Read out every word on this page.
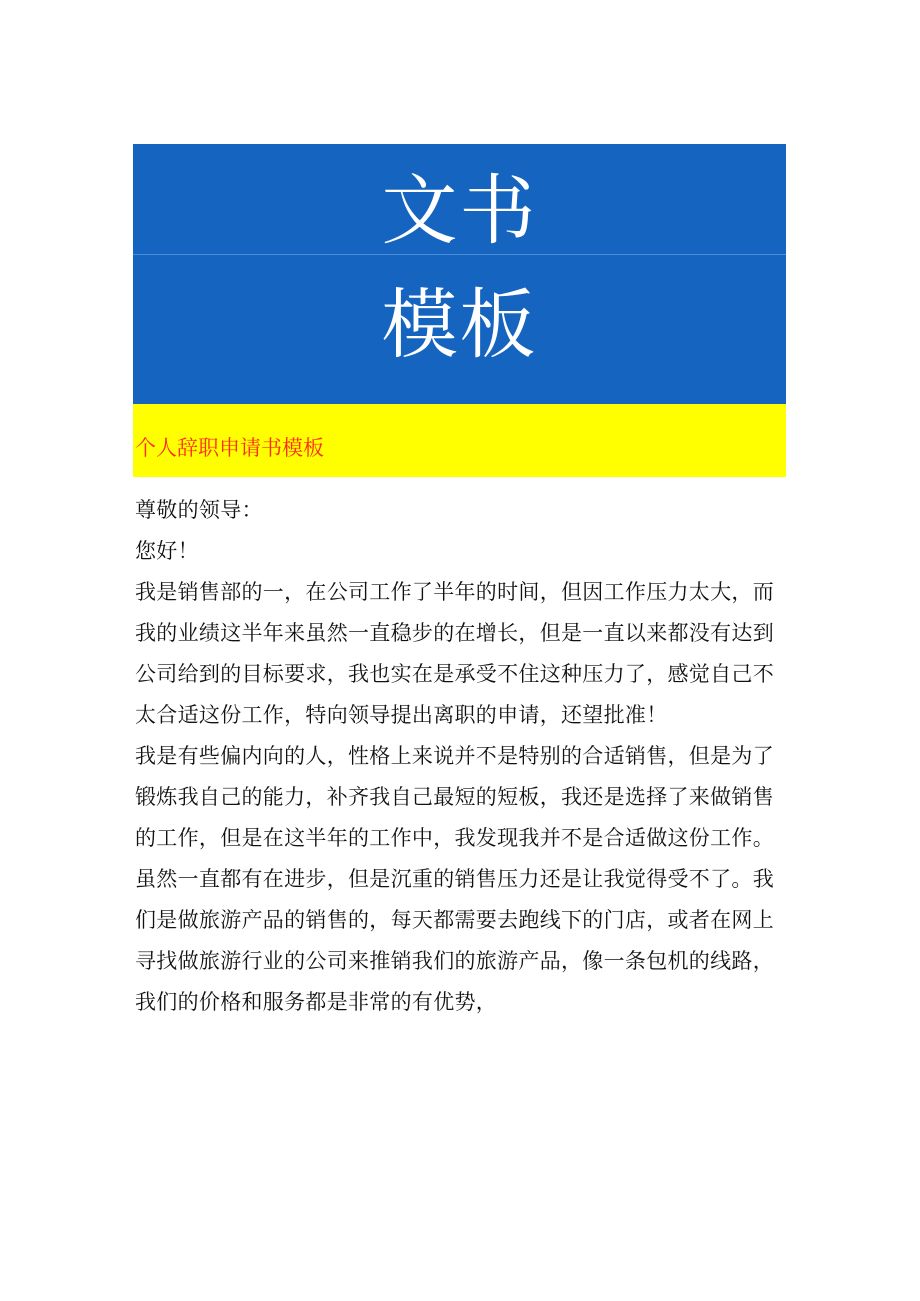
文书
模板
个人辞职申请书模板

尊敬的领导：

您好！

我是销售部的一，在公司工作了半年的时间，但因工作压力太大，而我的业绩这半年来虽然一直稳步的在增长，但是一直以来都没有达到公司给到的目标要求，我也实在是承受不住这种压力了，感觉自己不太合适这份工作，特向领导提出离职的申请，还望批准！

我是有些偏内向的人，性格上来说并不是特别的合适销售，但是为了锻炼我自己的能力，补齐我自己最短的短板，我还是选择了来做销售的工作，但是在这半年的工作中，我发现我并不是合适做这份工作。虽然一直都有在进步，但是沉重的销售压力还是让我觉得受不了。我们是做旅游产品的销售的，每天都需要去跑线下的门店，或者在网上寻找做旅游行业的公司来推销我们的旅游产品，像一条包机的线路，我们的价格和服务都是非常的有优势，
